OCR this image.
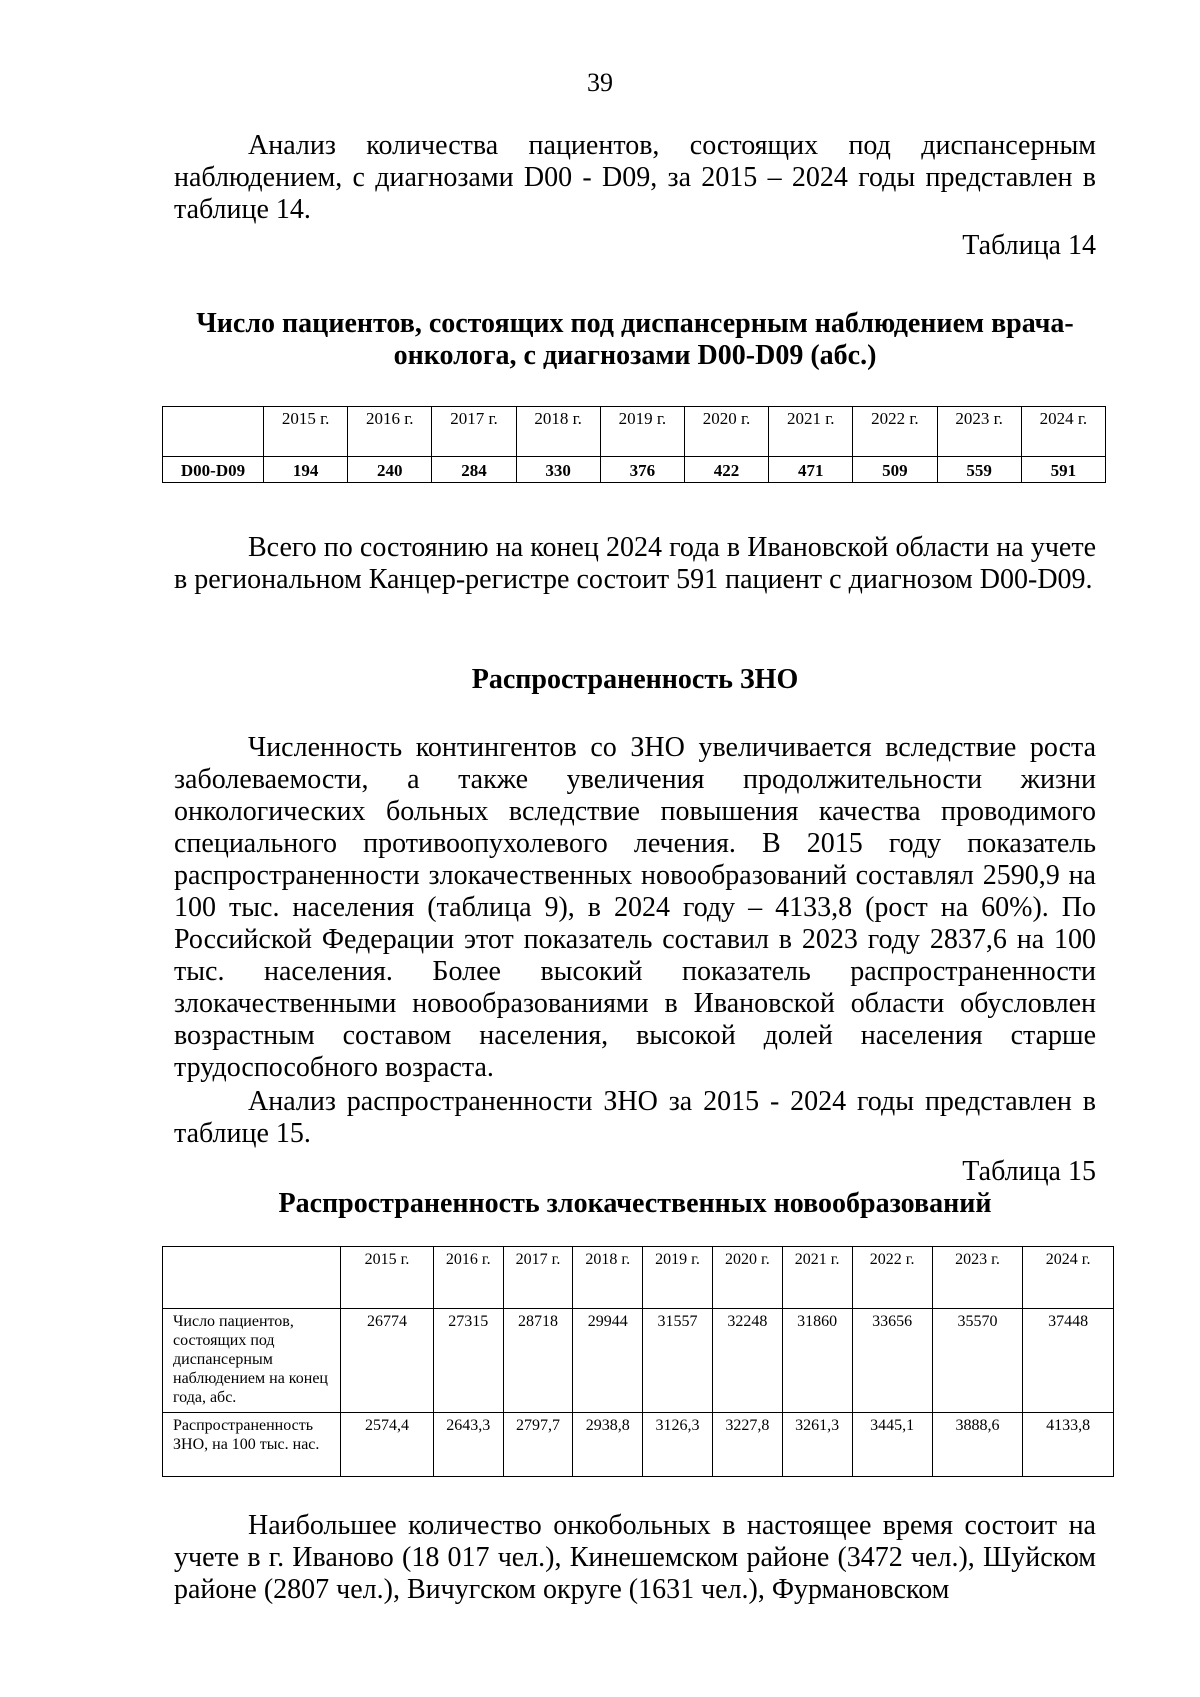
39

Анализ количества пациентов, состоящих под диспансерным наблюдением, с диагнозами D00 - D09, за 2015 – 2024 годы представлен в таблице 14.

Таблица 14

Число пациентов, состоящих под диспансерным наблюдением врача-онколога, с диагнозами D00-D09 (абс.)

	2015 г.	2016 г.	2017 г.	2018 г.	2019 г.	2020 г.	2021 г.	2022 г.	2023 г.	2024 г.
D00-D09	194	240	284	330	376	422	471	509	559	591

Всего по состоянию на конец 2024 года в Ивановской области на учете в региональном Канцер-регистре состоит 591 пациент с диагнозом D00-D09.

Распространенность ЗНО

Численность контингентов со ЗНО увеличивается вследствие роста заболеваемости, а также увеличения продолжительности жизни онкологических больных вследствие повышения качества проводимого специального противоопухолевого лечения. В 2015 году показатель распространенности злокачественных новообразований составлял 2590,9 на 100 тыс. населения (таблица 9), в 2024 году – 4133,8 (рост на 60%). По Российской Федерации этот показатель составил в 2023 году 2837,6 на 100 тыс. населения. Более высокий показатель распространенности злокачественными новообразованиями в Ивановской области обусловлен возрастным составом населения, высокой долей населения старше трудоспособного возраста.

Анализ распространенности ЗНО за 2015 - 2024 годы представлен в таблице 15.

Таблица 15

Распространенность злокачественных новообразований

	2015 г.	2016 г.	2017 г.	2018 г.	2019 г.	2020 г.	2021 г.	2022 г.	2023 г.	2024 г.
Число пациентов, состоящих под диспансерным наблюдением на конец года, абс.	26774	27315	28718	29944	31557	32248	31860	33656	35570	37448
Распространенность ЗНО, на 100 тыс. нас.	2574,4	2643,3	2797,7	2938,8	3126,3	3227,8	3261,3	3445,1	3888,6	4133,8

Наибольшее количество онкобольных в настоящее время состоит на учете в г. Иваново (18 017 чел.), Кинешемском районе (3472 чел.), Шуйском районе (2807 чел.), Вичугском округе (1631 чел.), Фурмановском
